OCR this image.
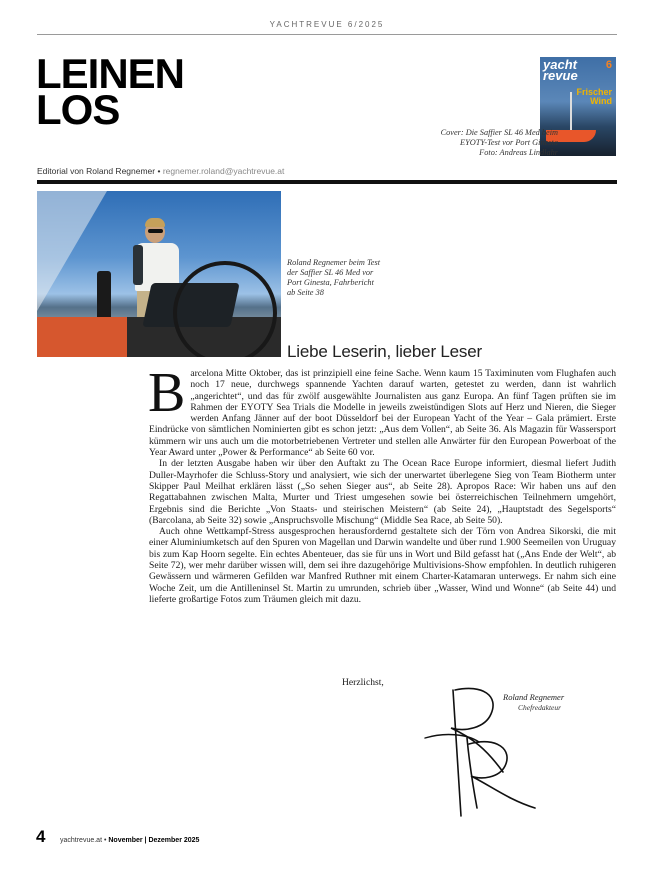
YACHTREVUE 6/2025
LEINEN
LOS
yacht
revue
6
Frischer
Wind
Cover: Die Saffier SL 46 Med beim
EYOTY-Test vor Port Ginesta
Foto: Andreas Lindlahr
Editorial von Roland Regnemer • regnemer.roland@yachtrevue.at
Roland Regnemer beim Test
der Saffier SL 46 Med vor
Port Ginesta, Fahrbericht
ab Seite 38
Liebe Leserin, lieber Leser

Barcelona Mitte Oktober, das ist prinzipiell eine feine Sache. Wenn kaum 15 Taximinuten vom Flughafen auch noch 17 neue, durchwegs spannende Yachten darauf warten, getestet zu werden, dann ist wahrlich „angerichtet“, und das für zwölf ausgewählte Journalisten aus ganz Europa. An fünf Tagen prüften sie im Rahmen der EYOTY Sea Trials die Modelle in jeweils zweistündigen Slots auf Herz und Nieren, die Sieger werden Anfang Jänner auf der boot Düsseldorf bei der European Yacht of the Year – Gala prämiert. Erste Eindrücke von sämtlichen Nominierten gibt es schon jetzt: „Aus dem Vollen“, ab Seite 36. Als Magazin für Wassersport kümmern wir uns auch um die motorbetriebenen Vertreter und stellen alle Anwärter für den European Powerboat of the Year Award unter „Power & Performance“ ab Seite 60 vor.

In der letzten Ausgabe haben wir über den Auftakt zu The Ocean Race Europe informiert, diesmal liefert Judith Duller-Mayrhofer die Schluss-Story und analysiert, wie sich der unerwartet überlegene Sieg von Team Biotherm unter Skipper Paul Meilhat erklären lässt („So sehen Sieger aus“, ab Seite 28). Apropos Race: Wir haben uns auf den Regattabahnen zwischen Malta, Murter und Triest umgesehen sowie bei österreichischen Teilnehmern umgehört, Ergebnis sind die Berichte „Von Staats- und steirischen Meistern“ (ab Seite 24), „Hauptstadt des Segelsports“ (Barcolana, ab Seite 32) sowie „Anspruchsvolle Mischung“ (Middle Sea Race, ab Seite 50).

Auch ohne Wettkampf-Stress ausgesprochen herausfordernd gestaltete sich der Törn von Andrea Sikorski, die mit einer Aluminiumketsch auf den Spuren von Magellan und Darwin wandelte und über rund 1.900 Seemeilen von Uruguay bis zum Kap Hoorn segelte. Ein echtes Abenteuer, das sie für uns in Wort und Bild gefasst hat („Ans Ende der Welt“, ab Seite 72), wer mehr darüber wissen will, dem sei ihre dazugehörige Multivisions-Show empfohlen. In deutlich ruhigeren Gewässern und wärmeren Gefilden war Manfred Ruthner mit einem Charter-Katamaran unterwegs. Er nahm sich eine Woche Zeit, um die Antilleninsel St. Martin zu umrunden, schrieb über „Wasser, Wind und Wonne“ (ab Seite 44) und lieferte großartige Fotos zum Träumen gleich mit dazu.

Herzlichst,
Roland Regnemer
Chefredakteur
4 yachtrevue.at • November | Dezember 2025
